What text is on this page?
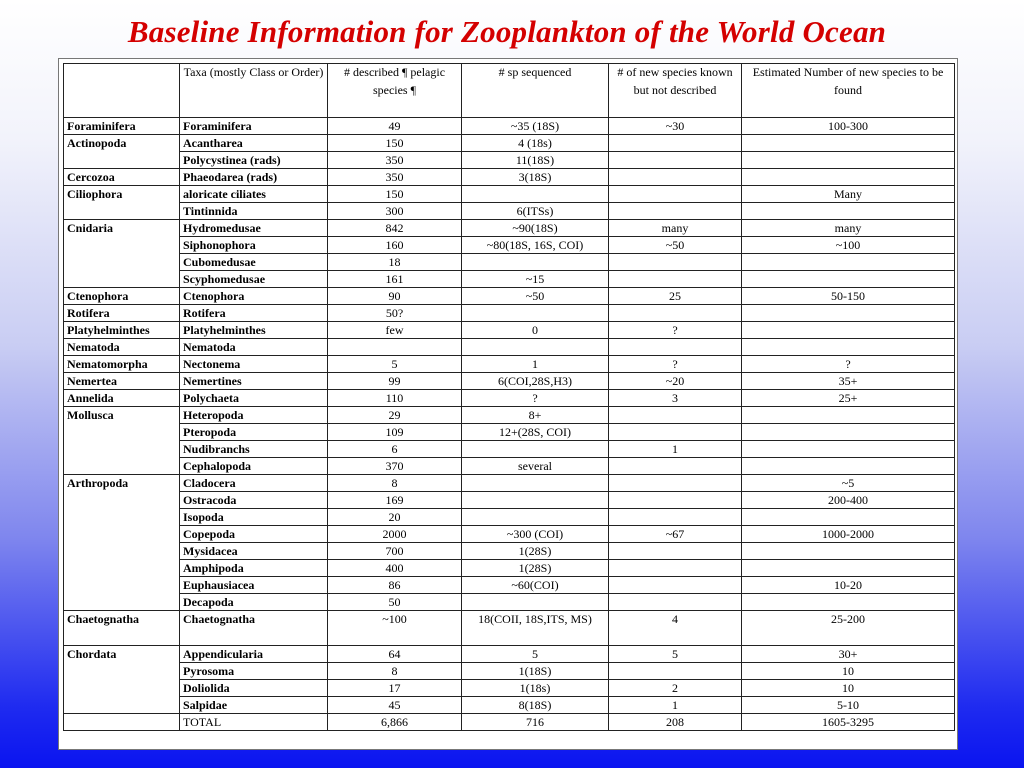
Baseline Information for Zooplankton of the World Ocean
	Taxa (mostly Class or Order)	# described ¶ pelagic species ¶	# sp sequenced	# of new species known but not described	Estimated Number of new species to be found
Foraminifera	Foraminifera	49	~35 (18S)	~30	100-300
Actinopoda	Acantharea	150	4 (18s)		
	Polycystinea (rads)	350	11(18S)		
Cercozoa	Phaeodarea (rads)	350	3(18S)		
Ciliophora	aloricate ciliates	150			Many
	Tintinnida	300	6(ITSs)		
Cnidaria	Hydromedusae	842	~90(18S)	many	many
	Siphonophora	160	~80(18S, 16S, COI)	~50	~100
	Cubomedusae	18			
	Scyphomedusae	161	~15		
Ctenophora	Ctenophora	90	~50	25	50-150
Rotifera	Rotifera	50?			
Platyhelminthes	Platyhelminthes	few	0	?	
Nematoda	Nematoda				
Nematomorpha	Nectonema	5	1	?	?
Nemertea	Nemertines	99	6(COI,28S,H3)	~20	35+
Annelida	Polychaeta	110	?	3	25+
Mollusca	Heteropoda	29	8+		
	Pteropoda	109	12+(28S, COI)		
	Nudibranchs	6		1	
	Cephalopoda	370	several		
Arthropoda	Cladocera	8			~5
	Ostracoda	169			200-400
	Isopoda	20			
	Copepoda	2000	~300 (COI)	~67	1000-2000
	Mysidacea	700	1(28S)		
	Amphipoda	400	1(28S)		
	Euphausiacea	86	~60(COI)		10-20
	Decapoda	50			
Chaetognatha	Chaetognatha	~100	18(COII, 18S,ITS, MS)	4	25-200
Chordata	Appendicularia	64	5	5	30+
	Pyrosoma	8	1(18S)		10
	Doliolida	17	1(18s)	2	10
	Salpidae	45	8(18S)	1	5-10
	TOTAL	6,866	716	208	1605-3295
